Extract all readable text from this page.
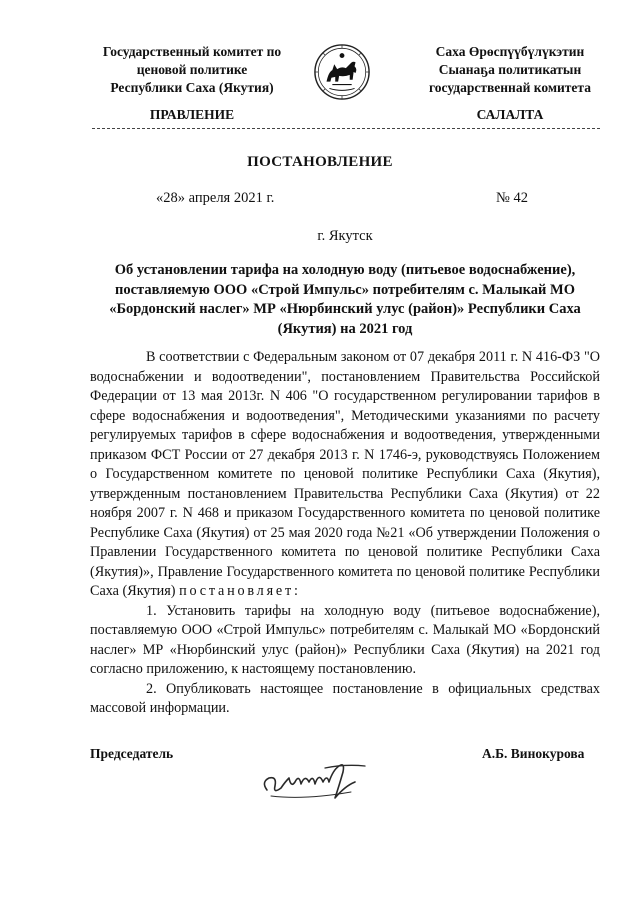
Государственный комитет по
ценовой политике
Республики Саха (Якутия)
Саха Өрөспүүбүлүкэтин
Сыанаҕа политикатын
государственнай комитета
ПРАВЛЕНИЕ	САЛАЛТА
ПОСТАНОВЛЕНИЕ
«28» апреля 2021 г.	№ 42
г. Якутск
Об установлении тарифа на холодную воду (питьевое водоснабжение), поставляемую ООО «Строй Импульс» потребителям с. Малыкай МО «Бордонский наслег» МР «Нюрбинский улус (район)» Республики Саха (Якутия) на 2021 год

В соответствии с Федеральным законом от 07 декабря 2011 г. N 416-ФЗ "О водоснабжении и водоотведении", постановлением Правительства Российской Федерации от 13 мая 2013г. N 406 "О государственном регулировании тарифов в сфере водоснабжения и водоотведения", Методическими указаниями по расчету регулируемых тарифов в сфере водоснабжения и водоотведения, утвержденными приказом ФСТ России от 27 декабря 2013 г. N 1746-э, руководствуясь Положением о Государственном комитете по ценовой политике Республики Саха (Якутия), утвержденным постановлением Правительства Республики Саха (Якутия) от 22 ноября 2007 г. N 468 и приказом Государственного комитета по ценовой политике Республике Саха (Якутия) от 25 мая 2020 года №21 «Об утверждении Положения о Правлении Государственного комитета по ценовой политике Республики Саха (Якутия)», Правление Государственного комитета по ценовой политике Республики Саха (Якутия) постановляет:

1. Установить тарифы на холодную воду (питьевое водоснабжение), поставляемую ООО «Строй Импульс» потребителям с. Малыкай МО «Бордонский наслег» МР «Нюрбинский улус (район)» Республики Саха (Якутия) на 2021 год согласно приложению, к настоящему постановлению.

2. Опубликовать настоящее постановление в официальных средствах массовой информации.

Председатель	А.Б. Винокурова
